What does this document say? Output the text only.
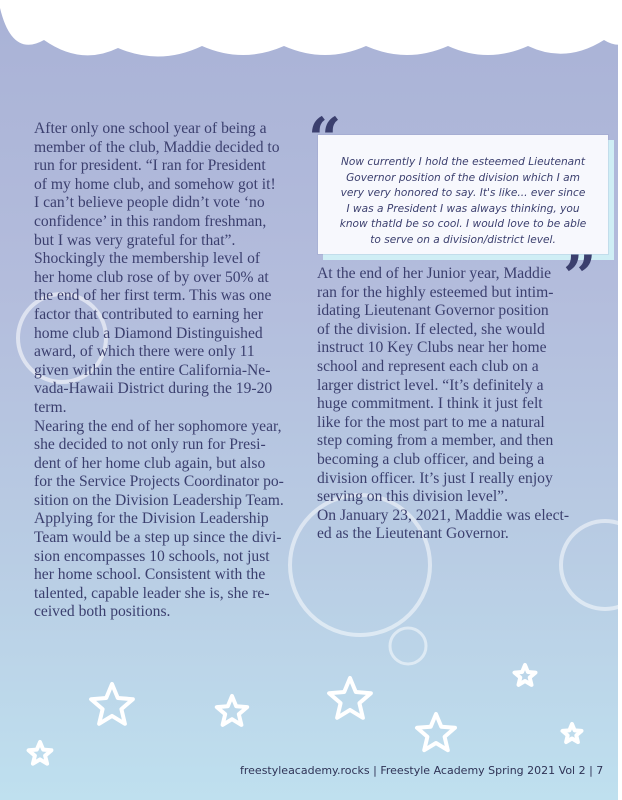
After only one school year of being a
member of the club, Maddie decided to
run for president. “I ran for President
of my home club, and somehow got it!
I can’t believe people didn’t vote ‘no
confidence’ in this random freshman,
but I was very grateful for that”.
Shockingly the membership level of
her home club rose of by over 50% at
the end of her first term. This was one
factor that contributed to earning her
home club a Diamond Distinguished
award, of which there were only 11
given within the entire California-Ne-
vada-Hawaii District during the 19-20
term.
Nearing the end of her sophomore year,
she decided to not only run for Presi-
dent of her home club again, but also
for the Service Projects Coordinator po-
sition on the Division Leadership Team.
Applying for the Division Leadership
Team would be a step up since the divi-
sion encompasses 10 schools, not just
her home school. Consistent with the
talented, capable leader she is, she re-
ceived both positions.

Now currently I hold the esteemed Lieutenant
Governor position of the division which I am
very very honored to say. It's like... ever since
I was a President I was always thinking, you
know thatld be so cool. I would love to be able
to serve on a division/district level.

“
”

At the end of her Junior year, Maddie
ran for the highly esteemed but intim-
idating Lieutenant Governor position
of the division. If elected, she would
instruct 10 Key Clubs near her home
school and represent each club on a
larger district level. “It’s definitely a
huge commitment. I think it just felt
like for the most part to me a natural
step coming from a member, and then
becoming a club officer, and being a
division officer. It’s just I really enjoy
serving on this division level”.
On January 23, 2021, Maddie was elect-
ed as the Lieutenant Governor.

freestyleacademy.rocks | Freestyle Academy Spring 2021 Vol 2 | 7
